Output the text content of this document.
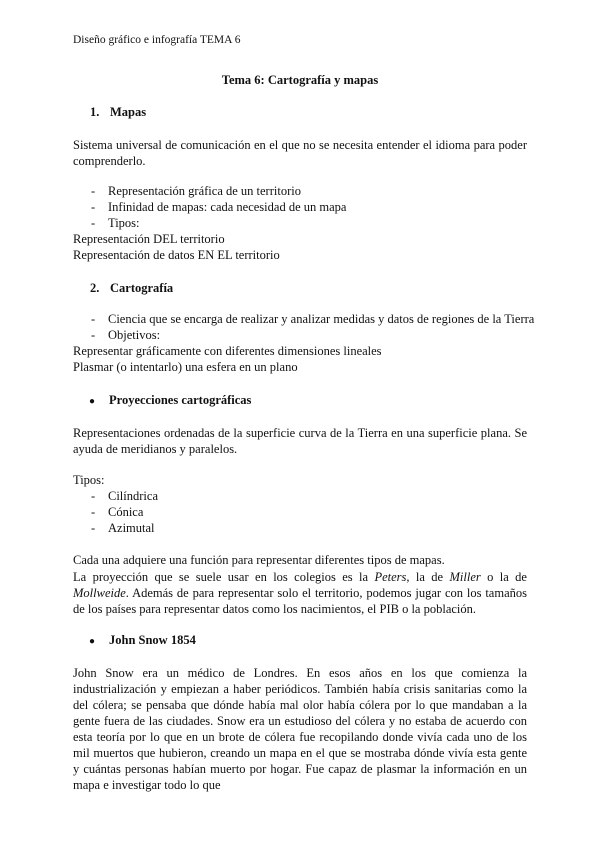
Diseño gráfico e infografía TEMA 6
Tema 6: Cartografía y mapas
1. Mapas
Sistema universal de comunicación en el que no se necesita entender el idioma para poder comprenderlo.
- Representación gráfica de un territorio
- Infinidad de mapas: cada necesidad de un mapa
- Tipos:
Representación DEL territorio
Representación de datos EN EL territorio
2. Cartografía
- Ciencia que se encarga de realizar y analizar medidas y datos de regiones de la Tierra
- Objetivos:
Representar gráficamente con diferentes dimensiones lineales
Plasmar (o intentarlo) una esfera en un plano
● Proyecciones cartográficas
Representaciones ordenadas de la superficie curva de la Tierra en una superficie plana. Se ayuda de meridianos y paralelos.
Tipos:
- Cilíndrica
- Cónica
- Azimutal
Cada una adquiere una función para representar diferentes tipos de mapas.
La proyección que se suele usar en los colegios es la Peters, la de Miller o la de Mollweide. Además de para representar solo el territorio, podemos jugar con los tamaños de los países para representar datos como los nacimientos, el PIB o la población.
● John Snow 1854
John Snow era un médico de Londres. En esos años en los que comienza la industrialización y empiezan a haber periódicos. También había crisis sanitarias como la del cólera; se pensaba que dónde había mal olor había cólera por lo que mandaban a la gente fuera de las ciudades. Snow era un estudioso del cólera y no estaba de acuerdo con esta teoría por lo que en un brote de cólera fue recopilando donde vivía cada uno de los mil muertos que hubieron, creando un mapa en el que se mostraba dónde vivía esta gente y cuántas personas habían muerto por hogar. Fue capaz de plasmar la información en un mapa e investigar todo lo que
